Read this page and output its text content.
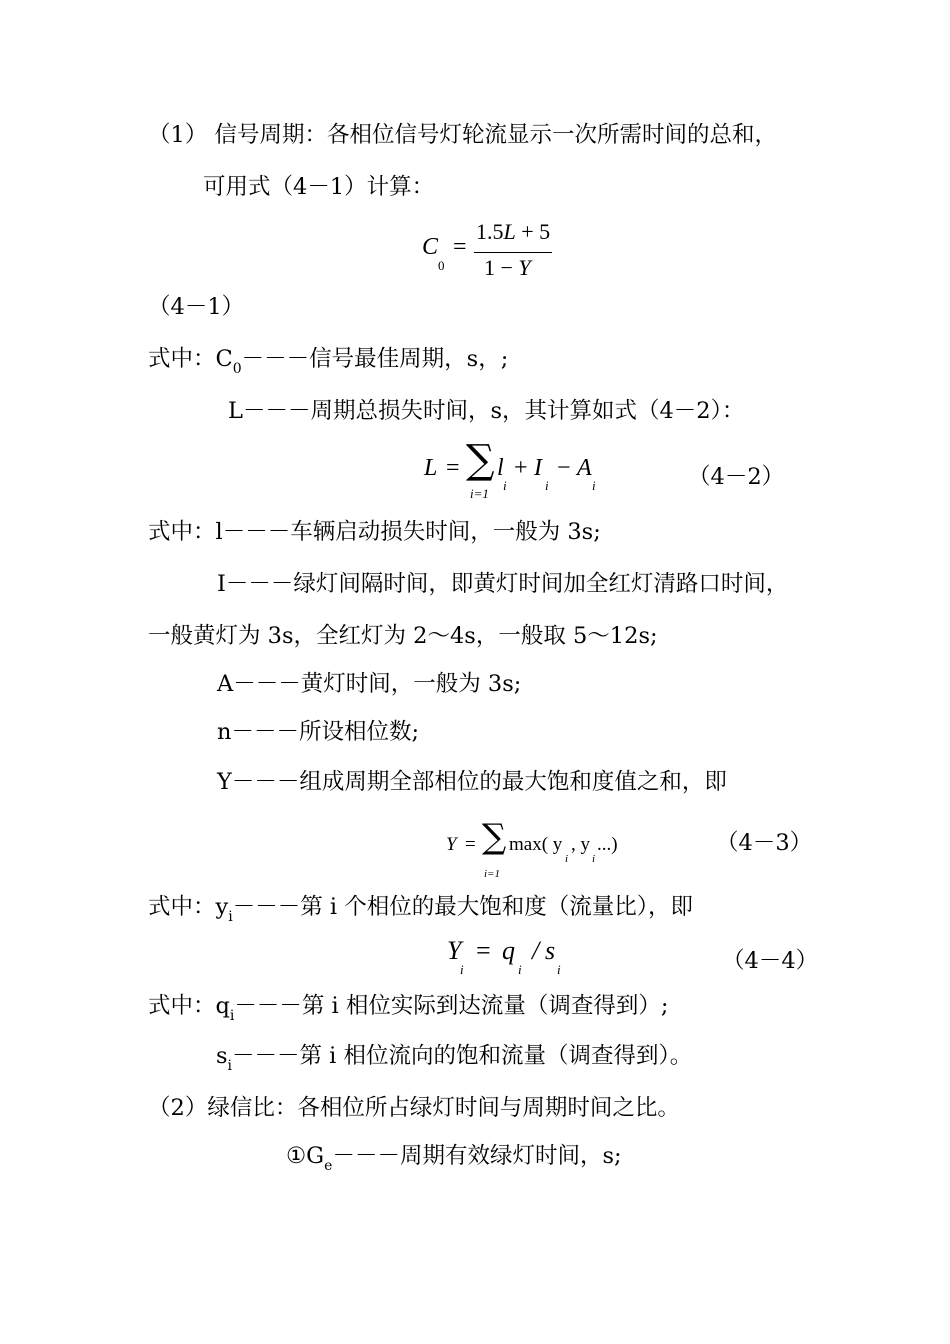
（1） 信号周期：各相位信号灯轮流显示一次所需时间的总和，
可用式（4－1）计算：
C
0
=
1.5L + 5
1 − Y
（4－1）
式中：$C_0---$信号最佳周期，s，;
L－－－周期总损失时间，s，其计算如式（4－2）：
L = ∑
i=1
l
i
+ I
i
− A
i	（4－2）
式中：l－－－车辆启动损失时间，一般为 3s;
I－－－绿灯间隔时间，即黄灯时间加全红灯清路口时间，
一般黄灯为 3s，全红灯为 2～4s，一般取 5～12s;
A－－－黄灯时间，一般为 3s;
n－－－所设相位数;
Y－－－组成周期全部相位的最大饱和度值之和，即
Y = ∑
i=1
max( y
i
, y
i
...)	（4－3）
式中：$y_i---$第 i 个相位的最大饱和度（流量比），即
Y
i
= q
i
/ s
i	（4－4）
式中：$q_i---$第 i 相位实际到达流量（调查得到）;
$s_i---$第 i 相位流向的饱和流量（调查得到）。
（2）绿信比：各相位所占绿灯时间与周期时间之比。
$①G_e---$周期有效绿灯时间，s;
